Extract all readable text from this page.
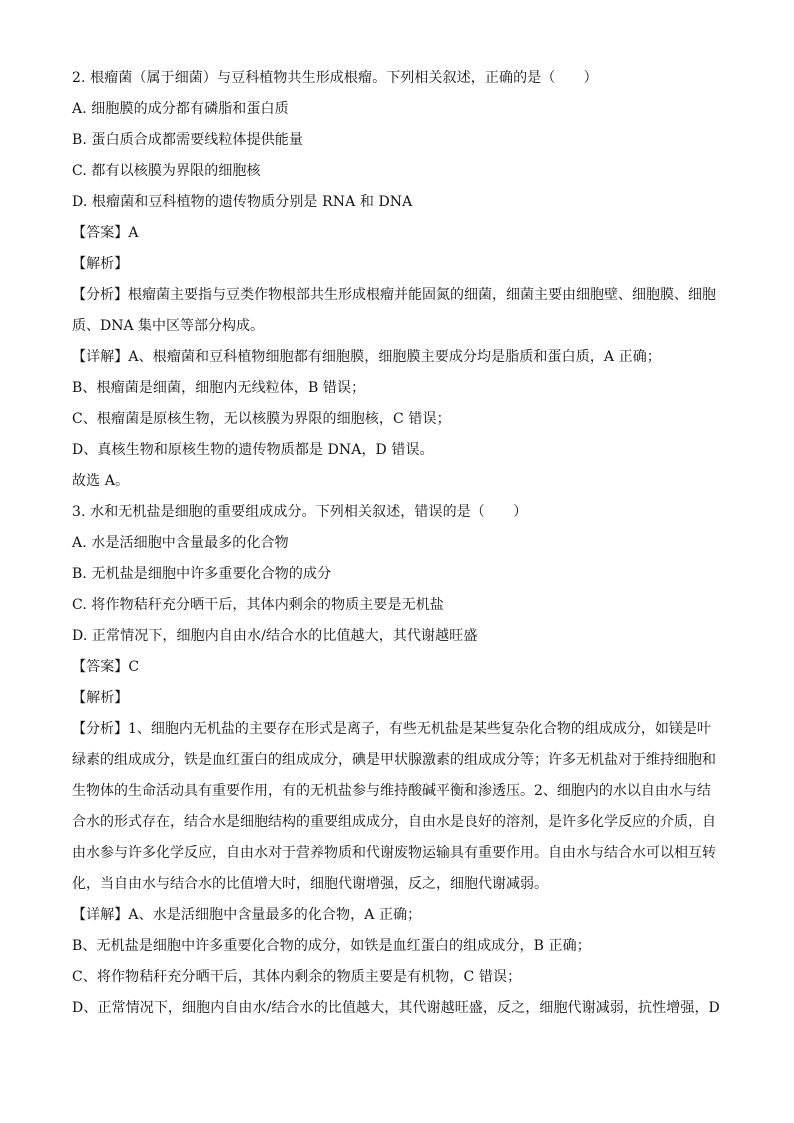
2. 根瘤菌（属于细菌）与豆科植物共生形成根瘤。下列相关叙述，正确的是（　　）
A. 细胞膜的成分都有磷脂和蛋白质
B. 蛋白质合成都需要线粒体提供能量
C. 都有以核膜为界限的细胞核
D. 根瘤菌和豆科植物的遗传物质分别是 RNA 和 DNA
【答案】A
【解析】
【分析】根瘤菌主要指与豆类作物根部共生形成根瘤并能固氮的细菌，细菌主要由细胞壁、细胞膜、细胞
质、DNA 集中区等部分构成。
【详解】A、根瘤菌和豆科植物细胞都有细胞膜，细胞膜主要成分均是脂质和蛋白质，A 正确；
B、根瘤菌是细菌，细胞内无线粒体，B 错误；
C、根瘤菌是原核生物，无以核膜为界限的细胞核，C 错误；
D、真核生物和原核生物的遗传物质都是 DNA，D 错误。
故选 A。
3. 水和无机盐是细胞的重要组成成分。下列相关叙述，错误的是（　　）
A. 水是活细胞中含量最多的化合物
B. 无机盐是细胞中许多重要化合物的成分
C. 将作物秸秆充分晒干后，其体内剩余的物质主要是无机盐
D. 正常情况下，细胞内自由水/结合水的比值越大，其代谢越旺盛
【答案】C
【解析】
【分析】1、细胞内无机盐的主要存在形式是离子，有些无机盐是某些复杂化合物的组成成分，如镁是叶
绿素的组成成分，铁是血红蛋白的组成成分，碘是甲状腺激素的组成成分等；许多无机盐对于维持细胞和
生物体的生命活动具有重要作用，有的无机盐参与维持酸碱平衡和渗透压。2、细胞内的水以自由水与结
合水的形式存在，结合水是细胞结构的重要组成成分，自由水是良好的溶剂，是许多化学反应的介质，自
由水参与许多化学反应，自由水对于营养物质和代谢废物运输具有重要作用。自由水与结合水可以相互转
化，当自由水与结合水的比值增大时，细胞代谢增强，反之，细胞代谢减弱。
【详解】A、水是活细胞中含量最多的化合物，A 正确；
B、无机盐是细胞中许多重要化合物的成分，如铁是血红蛋白的组成成分，B 正确；
C、将作物秸秆充分晒干后，其体内剩余的物质主要是有机物，C 错误；
D、正常情况下，细胞内自由水/结合水的比值越大，其代谢越旺盛，反之，细胞代谢减弱，抗性增强，D
